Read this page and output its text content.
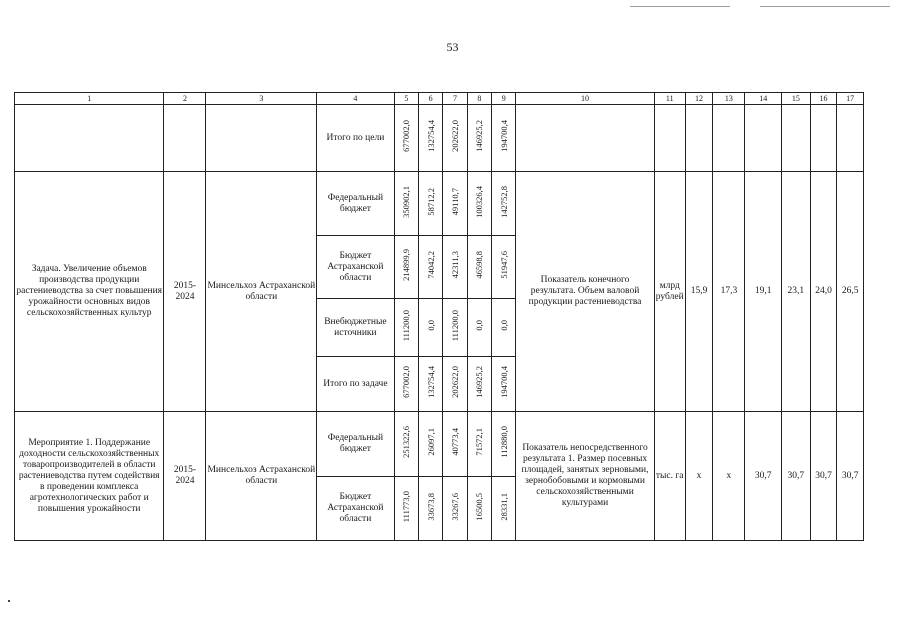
53
1	2	3	4	5	6	7	8	9	10	11	12	13	14	15	16	17
			Итого по цели	677002,0	132754,4	202622,0	146925,2	194700,4								
Задача. Увеличение объемов производства продукции растениеводства за счет повышения урожайности основных видов сельскохозяйственных культур	2015-2024	Минсельхоз Астраханской области	Федеральный бюджет	350902,1	58712,2	49110,7	100326,4	142752,8	Показатель конечного результата. Объем валовой продукции растениеводства	млрд рублей	15,9	17,3	19,1	23,1	24,0	26,5
			Бюджет Астраханской области	214899,9	74042,2	42311,3	46598,8	51947,6								
			Внебюджетные источники	111200,0	0,0	111200,0	0,0	0,0								
			Итого по задаче	677002,0	132754,4	202622,0	146925,2	194700,4								
Мероприятие 1. Поддержание доходности сельскохозяйственных товаропроизводителей в области растениеводства путем содействия в проведении комплекса агротехнологических работ и повышения урожайности	2015-2024	Минсельхоз Астраханской области	Федеральный бюджет	251322,6	26097,1	40773,4	71572,1	112880,0	Показатель непосредственного результата 1. Размер посевных площадей, занятых зерновыми, зернобобовыми и кормовыми сельскохозяйственными культурами	тыс. га	х	х	30,7	30,7	30,7	30,7
			Бюджет Астраханской области	111773,0	33673,8	33267,6	16500,5	28331,1								
